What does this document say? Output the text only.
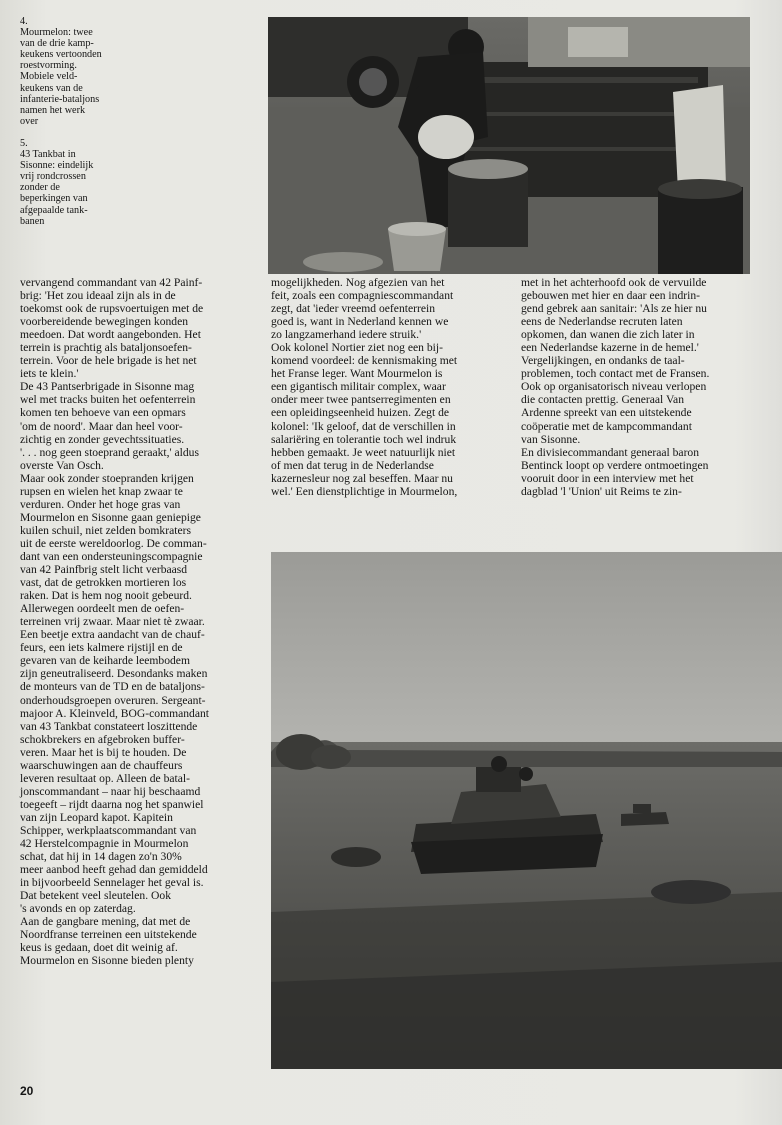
4.
Mourmelon: twee
van de drie kamp-
keukens vertoonden
roestvorming.
Mobiele veld-
keukens van de
infanterie-bataljons
namen het werk
over
5.
43 Tankbat in
Sisonne: eindelijk
vrij rondcrossen
zonder de
beperkingen van
afgepaalde tank-
banen

vervangend commandant van 42 Painf-
brig: 'Het zou ideaal zijn als in de
toekomst ook de rupsvoertuigen met de
voorbereidende bewegingen konden
meedoen. Dat wordt aangebonden. Het
terrein is prachtig als bataljonsoefen-
terrein. Voor de hele brigade is het net
iets te klein.'

De 43 Pantserbrigade in Sisonne mag
wel met tracks buiten het oefenterrein
komen ten behoeve van een opmars
'om de noord'. Maar dan heel voor-
zichtig en zonder gevechtssituaties.
'. . . nog geen stoeprand geraakt,' aldus
overste Van Osch.

Maar ook zonder stoepranden krijgen
rupsen en wielen het knap zwaar te
verduren. Onder het hoge gras van
Mourmelon en Sisonne gaan geniepige
kuilen schuil, niet zelden bomkraters
uit de eerste wereldoorlog. De comman-
dant van een ondersteuningscompagnie
van 42 Painfbrig stelt licht verbaasd
vast, dat de getrokken mortieren los
raken. Dat is hem nog nooit gebeurd.
Allerwegen oordeelt men de oefen-
terreinen vrij zwaar. Maar niet tè zwaar.
Een beetje extra aandacht van de chauf-
feurs, een iets kalmere rijstijl en de
gevaren van de keiharde leembodem
zijn geneutraliseerd. Desondanks maken
de monteurs van de TD en de bataljons-
onderhoudsgroepen overuren. Sergeant-
majoor A. Kleinveld, BOG-commandant
van 43 Tankbat constateert loszittende
schokbrekers en afgebroken buffer-
veren. Maar het is bij te houden. De
waarschuwingen aan de chauffeurs
leveren resultaat op. Alleen de batal-
jonscommandant – naar hij beschaamd
toegeeft – rijdt daarna nog het spanwiel
van zijn Leopard kapot. Kapitein
Schipper, werkplaatscommandant van
42 Herstelcompagnie in Mourmelon
schat, dat hij in 14 dagen zo'n 30%
meer aanbod heeft gehad dan gemiddeld
in bijvoorbeeld Sennelager het geval is.
Dat betekent veel sleutelen. Ook
's avonds en op zaterdag.

Aan de gangbare mening, dat met de
Noordfranse terreinen een uitstekende
keus is gedaan, doet dit weinig af.
Mourmelon en Sisonne bieden plenty

mogelijkheden. Nog afgezien van het
feit, zoals een compagniescommandant
zegt, dat 'ieder vreemd oefenterrein
goed is, want in Nederland kennen we
zo langzamerhand iedere struik.'

Ook kolonel Nortier ziet nog een bij-
komend voordeel: de kennismaking met
het Franse leger. Want Mourmelon is
een gigantisch militair complex, waar
onder meer twee pantserregimenten en
een opleidingseenheid huizen. Zegt de
kolonel: 'Ik geloof, dat de verschillen in
salariëring en tolerantie toch wel indruk
hebben gemaakt. Je weet natuurlijk niet
of men dat terug in de Nederlandse
kazernesleur nog zal beseffen. Maar nu
wel.' Een dienstplichtige in Mourmelon,

met in het achterhoofd ook de vervuilde
gebouwen met hier en daar een indrin-
gend gebrek aan sanitair: 'Als ze hier nu
eens de Nederlandse recruten laten
opkomen, dan wanen die zich later in
een Nederlandse kazerne in de hemel.'

Vergelijkingen, en ondanks de taal-
problemen, toch contact met de Fransen.
Ook op organisatorisch niveau verlopen
die contacten prettig. Generaal Van
Ardenne spreekt van een uitstekende
coöperatie met de kampcommandant
van Sisonne.

En divisiecommandant generaal baron
Bentinck loopt op verdere ontmoetingen
vooruit door in een interview met het
dagblad 'l 'Union' uit Reims te zin-

20
